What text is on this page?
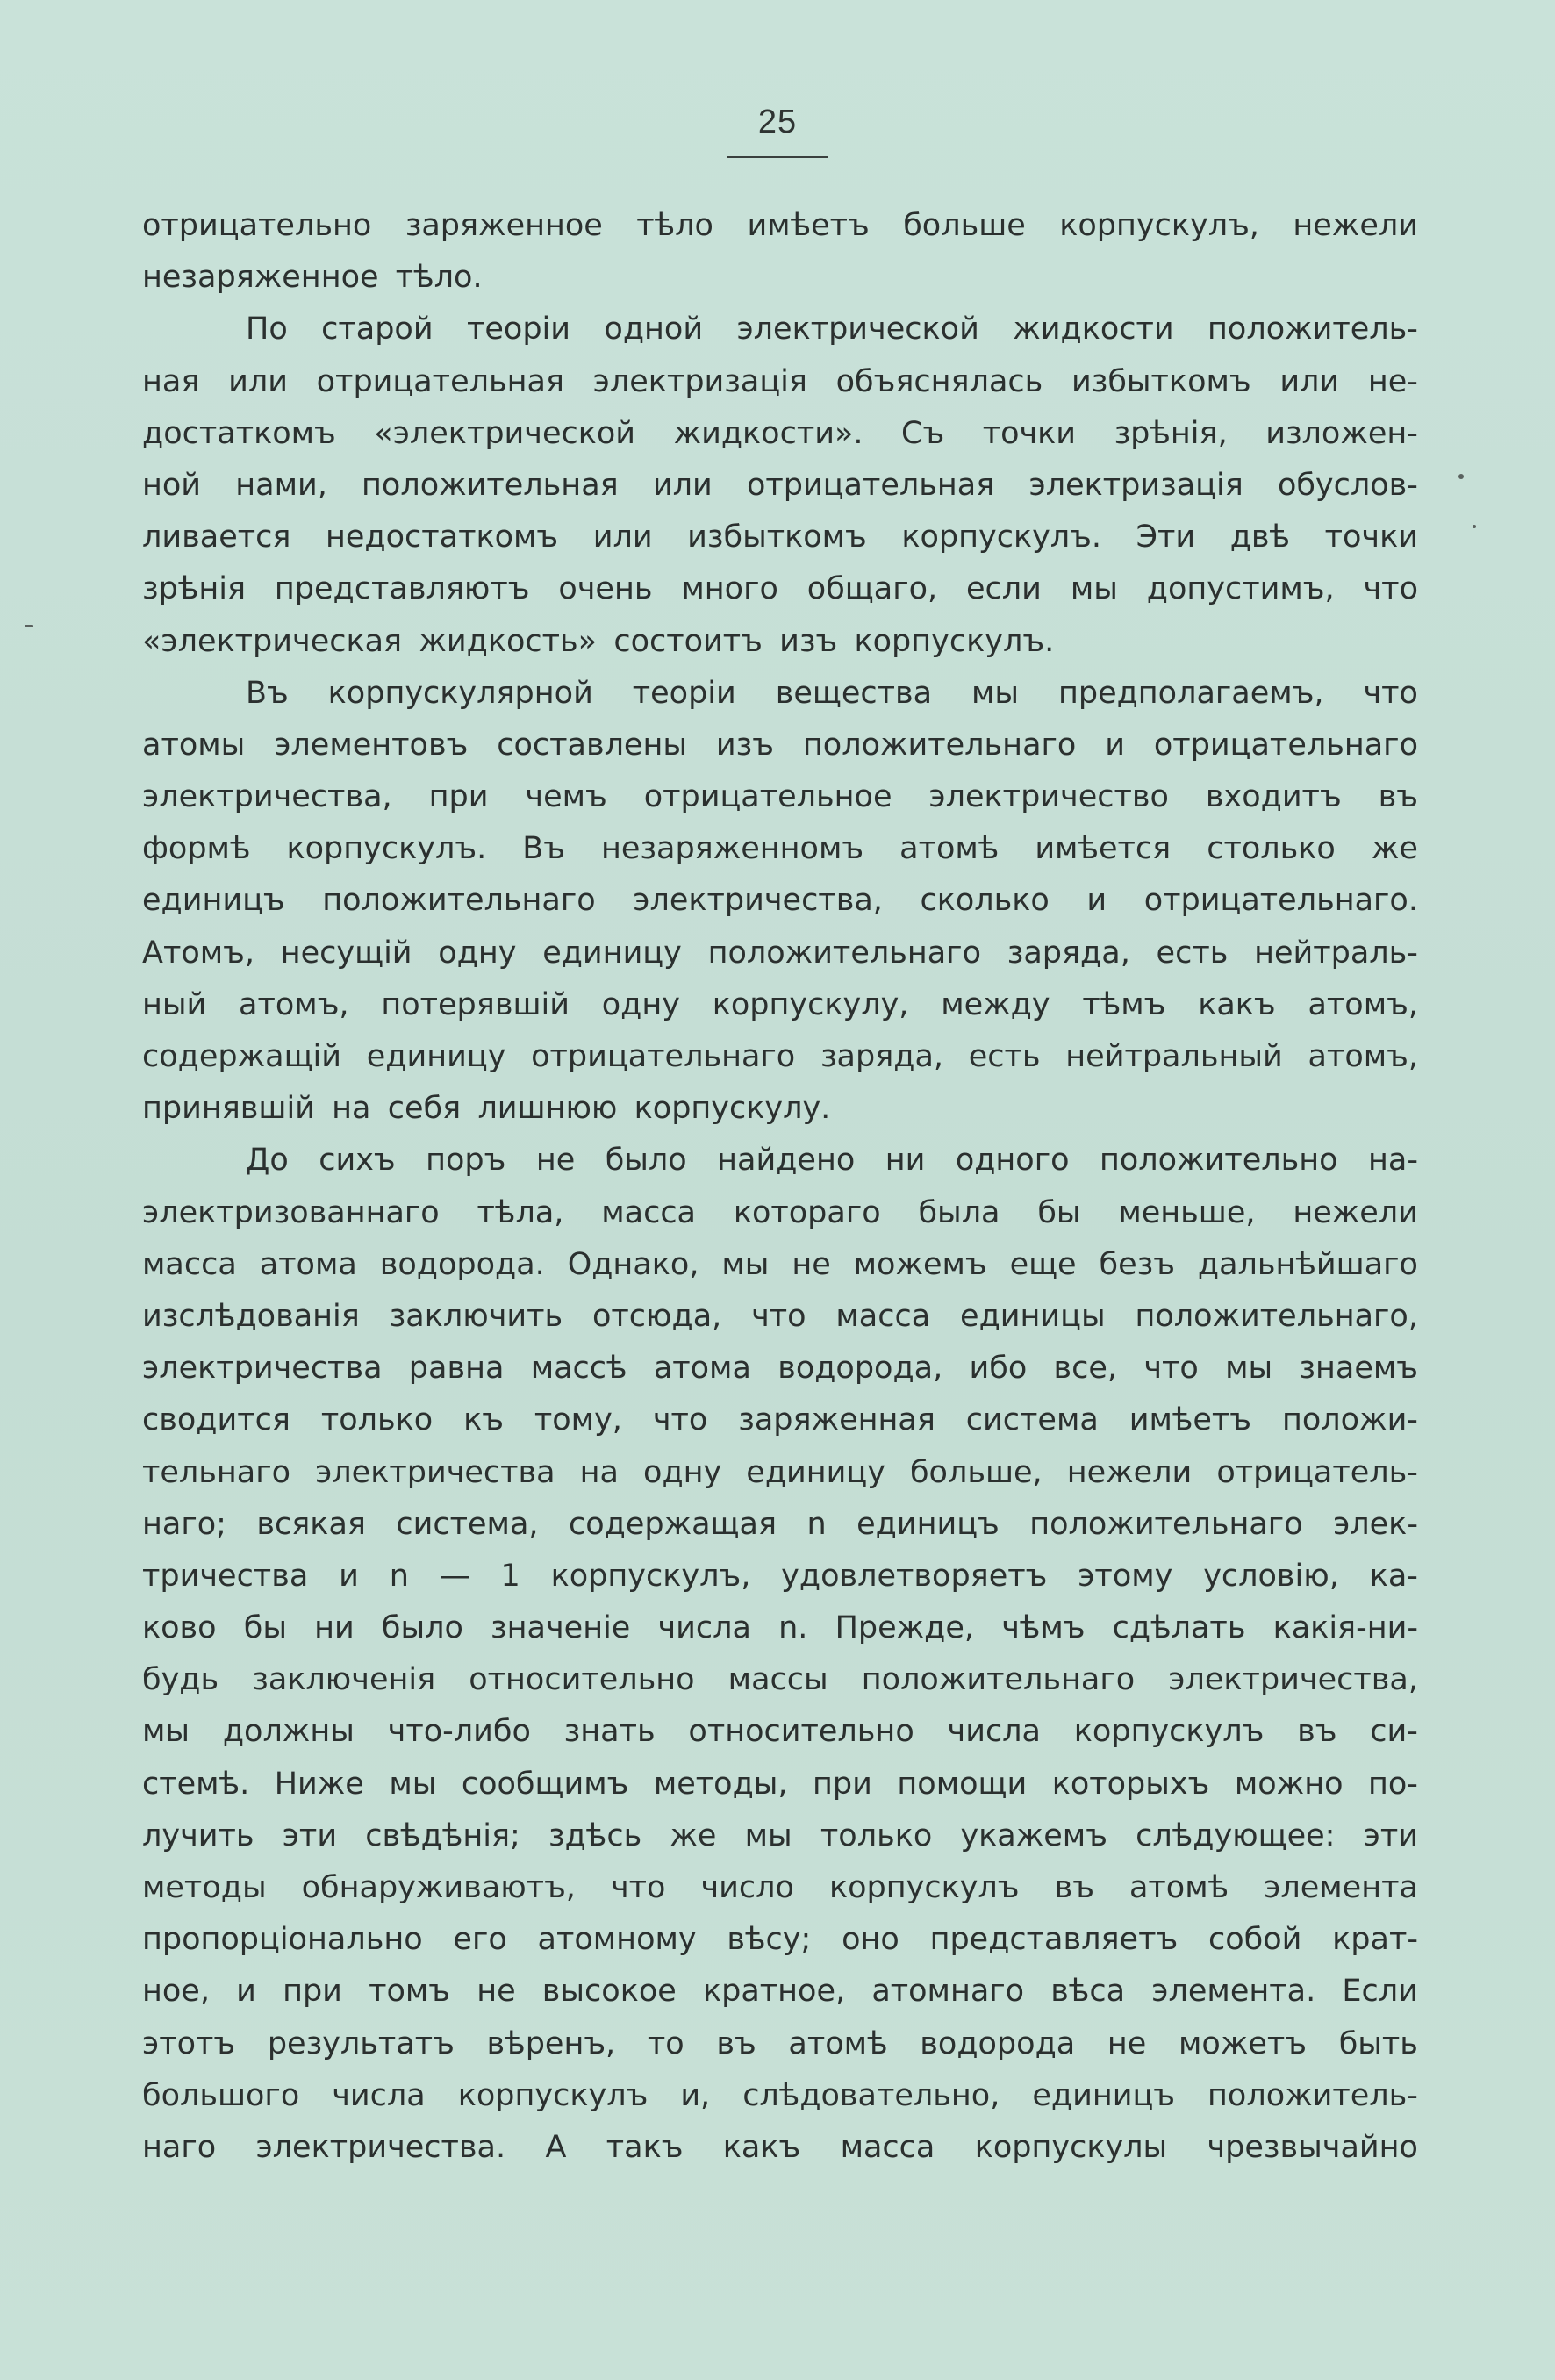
25
отрицательно заряженное тѣло имѣетъ больше корпускулъ, нежели
незаряженное тѣло.
По старой теорiи одной электрической жидкости положитель-
ная или отрицательная электризацiя объяснялась избыткомъ или не-
достаткомъ «электрической жидкости». Съ точки зрѣнiя, изложен-
ной нами, положительная или отрицательная электризацiя обуслов-
ливается недостаткомъ или избыткомъ корпускулъ. Эти двѣ точки
зрѣнiя представляютъ очень много общаго, если мы допустимъ, что
«электрическая жидкость» состоитъ изъ корпускулъ.
Въ корпускулярной теорiи вещества мы предполагаемъ, что
атомы элементовъ составлены изъ положительнаго и отрицательнаго
электричества, при чемъ отрицательное электричество входитъ въ
формѣ корпускулъ. Въ незаряженномъ атомѣ имѣется столько же
единицъ положительнаго электричества, сколько и отрицательнаго.
Атомъ, несущiй одну единицу положительнаго заряда, есть нейтраль-
ный атомъ, потерявшiй одну корпускулу, между тѣмъ какъ атомъ,
содержащiй единицу отрицательнаго заряда, есть нейтральный атомъ,
принявшiй на себя лишнюю корпускулу.
До сихъ поръ не было найдено ни одного положительно на-
электризованнаго тѣла, масса котораго была бы меньше, нежели
масса атома водорода. Однако, мы не можемъ еще безъ дальнѣйшаго
изслѣдованiя заключить отсюда, что масса единицы положительнаго,
электричества равна массѣ атома водорода, ибо все, что мы знаемъ
сводится только къ тому, что заряженная система имѣетъ положи-
тельнаго электричества на одну единицу больше, нежели отрицатель-
наго; всякая система, содержащая n единицъ положительнаго элек-
тричества и n — 1 корпускулъ, удовлетворяетъ этому условiю, ка-
ково бы ни было значенiе числа n. Прежде, чѣмъ сдѣлать какiя-ни-
будь заключенiя относительно массы положительнаго электричества,
мы должны что-либо знать относительно числа корпускулъ въ си-
стемѣ. Ниже мы сообщимъ методы, при помощи которыхъ можно по-
лучить эти свѣдѣнiя; здѣсь же мы только укажемъ слѣдующее: эти
методы обнаруживаютъ, что число корпускулъ въ атомѣ элемента
пропорцiонально его атомному вѣсу; оно представляетъ собой крат-
ное, и при томъ не высокое кратное, атомнаго вѣса элемента. Если
этотъ результатъ вѣренъ, то въ атомѣ водорода не можетъ быть
большого числа корпускулъ и, слѣдовательно, единицъ положитель-
наго электричества. А такъ какъ масса корпускулы чрезвычайно
